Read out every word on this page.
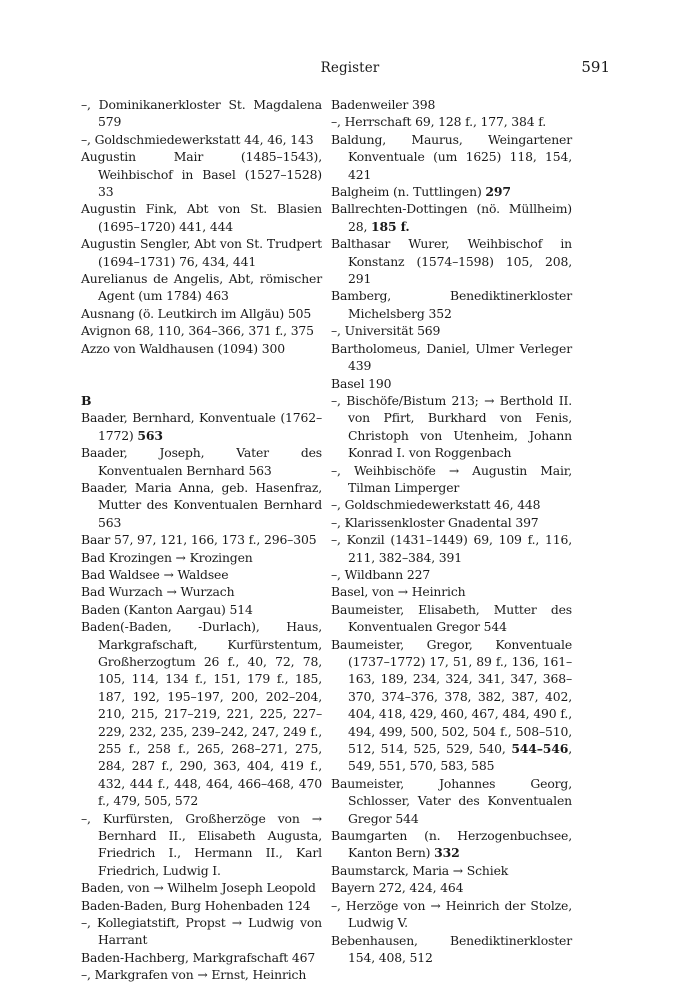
Register	591
–, Dominikanerkloster St. Magdalena 579
–, Goldschmiedewerkstatt 44, 46, 143
Augustin Mair (1485–1543), Weihbischof in Basel (1527–1528) 33
Augustin Fink, Abt von St. Blasien (1695–1720) 441, 444
Augustin Sengler, Abt von St. Trudpert (1694–1731) 76, 434, 441
Aurelianus de Angelis, Abt, römischer Agent (um 1784) 463
Ausnang (ö. Leutkirch im Allgäu) 505
Avignon 68, 110, 364–366, 371 f., 375
Azzo von Waldhausen (1094) 300
B
Baader, Bernhard, Konventuale (1762–1772) 563
Baader, Joseph, Vater des Konventualen Bernhard 563
Baader, Maria Anna, geb. Hasenfraz, Mutter des Konventualen Bernhard 563
Baar 57, 97, 121, 166, 173 f., 296–305
Bad Krozingen → Krozingen
Bad Waldsee → Waldsee
Bad Wurzach → Wurzach
Baden (Kanton Aargau) 514
Baden(-Baden, -Durlach), Haus, Markgrafschaft, Kurfürstentum, Großherzogtum 26 f., 40, 72, 78, 105, 114, 134 f., 151, 179 f., 185, 187, 192, 195–197, 200, 202–204, 210, 215, 217–219, 221, 225, 227–229, 232, 235, 239–242, 247, 249 f., 255 f., 258 f., 265, 268–271, 275, 284, 287 f., 290, 363, 404, 419 f., 432, 444 f., 448, 464, 466–468, 470 f., 479, 505, 572
–, Kurfürsten, Großherzöge von → Bernhard II., Elisabeth Augusta, Friedrich I., Hermann II., Karl Friedrich, Ludwig I.
Baden, von → Wilhelm Joseph Leopold
Baden-Baden, Burg Hohenbaden 124
–, Kollegiatstift, Propst → Ludwig von Harrant
Baden-Hachberg, Markgrafschaft 467
–, Markgrafen von → Ernst, Heinrich
Badenweiler 398
–, Herrschaft 69, 128 f., 177, 384 f.
Baldung, Maurus, Weingartener Konventuale (um 1625) 118, 154, 421
Balgheim (n. Tuttlingen) 297
Ballrechten-Dottingen (nö. Müllheim) 28, 185 f.
Balthasar Wurer, Weihbischof in Konstanz (1574–1598) 105, 208, 291
Bamberg, Benediktinerkloster Michelsberg 352
–, Universität 569
Bartholomeus, Daniel, Ulmer Verleger 439
Basel 190
–, Bischöfe/Bistum 213; → Berthold II. von Pfirt, Burkhard von Fenis, Christoph von Utenheim, Johann Konrad I. von Roggenbach
–, Weihbischöfe → Augustin Mair, Tilman Limperger
–, Goldschmiedewerkstatt 46, 448
–, Klarissenkloster Gnadental 397
–, Konzil (1431–1449) 69, 109 f., 116, 211, 382–384, 391
–, Wildbann 227
Basel, von → Heinrich
Baumeister, Elisabeth, Mutter des Konventualen Gregor 544
Baumeister, Gregor, Konventuale (1737–1772) 17, 51, 89 f., 136, 161–163, 189, 234, 324, 341, 347, 368–370, 374–376, 378, 382, 387, 402, 404, 418, 429, 460, 467, 484, 490 f., 494, 499, 500, 502, 504 f., 508–510, 512, 514, 525, 529, 540, 544–546, 549, 551, 570, 583, 585
Baumeister, Johannes Georg, Schlosser, Vater des Konventualen Gregor 544
Baumgarten (n. Herzogenbuchsee, Kanton Bern) 332
Baumstarck, Maria → Schiek
Bayern 272, 424, 464
–, Herzöge von → Heinrich der Stolze, Ludwig V.
Bebenhausen, Benediktinerkloster 154, 408, 512
